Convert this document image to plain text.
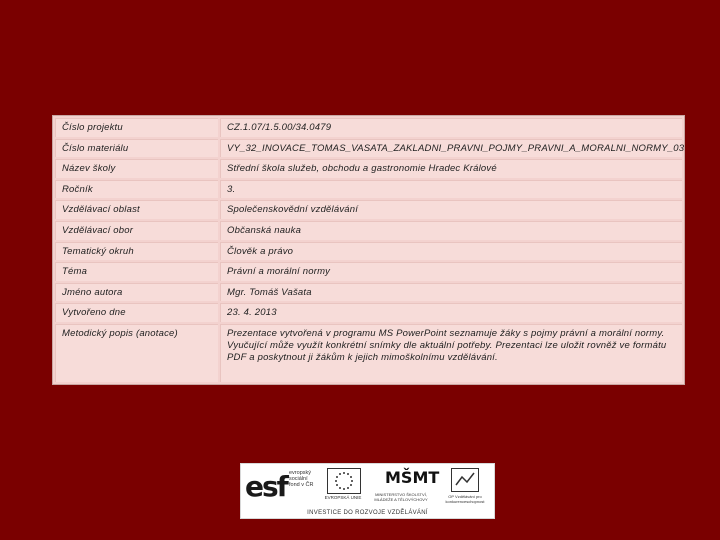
Číslo projektu	CZ.1.07/1.5.00/34.0479
Číslo materiálu	VY_32_INOVACE_TOMAS_VASATA_ZAKLADNI_PRAVNI_POJMY_PRAVNI_A_MORALNI_NORMY_03
Název školy	Střední škola služeb, obchodu a gastronomie Hradec Králové
Ročník	3.
Vzdělávací oblast	Společenskovědní vzdělávání
Vzdělávací obor	Občanská nauka
Tematický okruh	Člověk a právo
Téma	Právní a morální normy
Jméno autora	Mgr. Tomáš Vašata
Vytvořeno dne	23. 4. 2013
Metodický popis (anotace)	Prezentace vytvořená v programu MS PowerPoint seznamuje žáky s pojmy právní a morální normy. Vyučující může využít konkrétní snímky dle aktuální potřeby. Prezentaci lze uložit rovněž ve formátu PDF a poskytnout ji žákům k jejich mimoškolnímu vzdělávání.
esf evropský sociální fond v ČR
EVROPSKÁ UNIE
MŠMT
MINISTERSTVO ŠKOLSTVÍ, MLÁDEŽE A TĚLOVÝCHOVY
OP Vzdělávání pro konkurenceschopnost
INVESTICE DO ROZVOJE VZDĚLÁVÁNÍ
